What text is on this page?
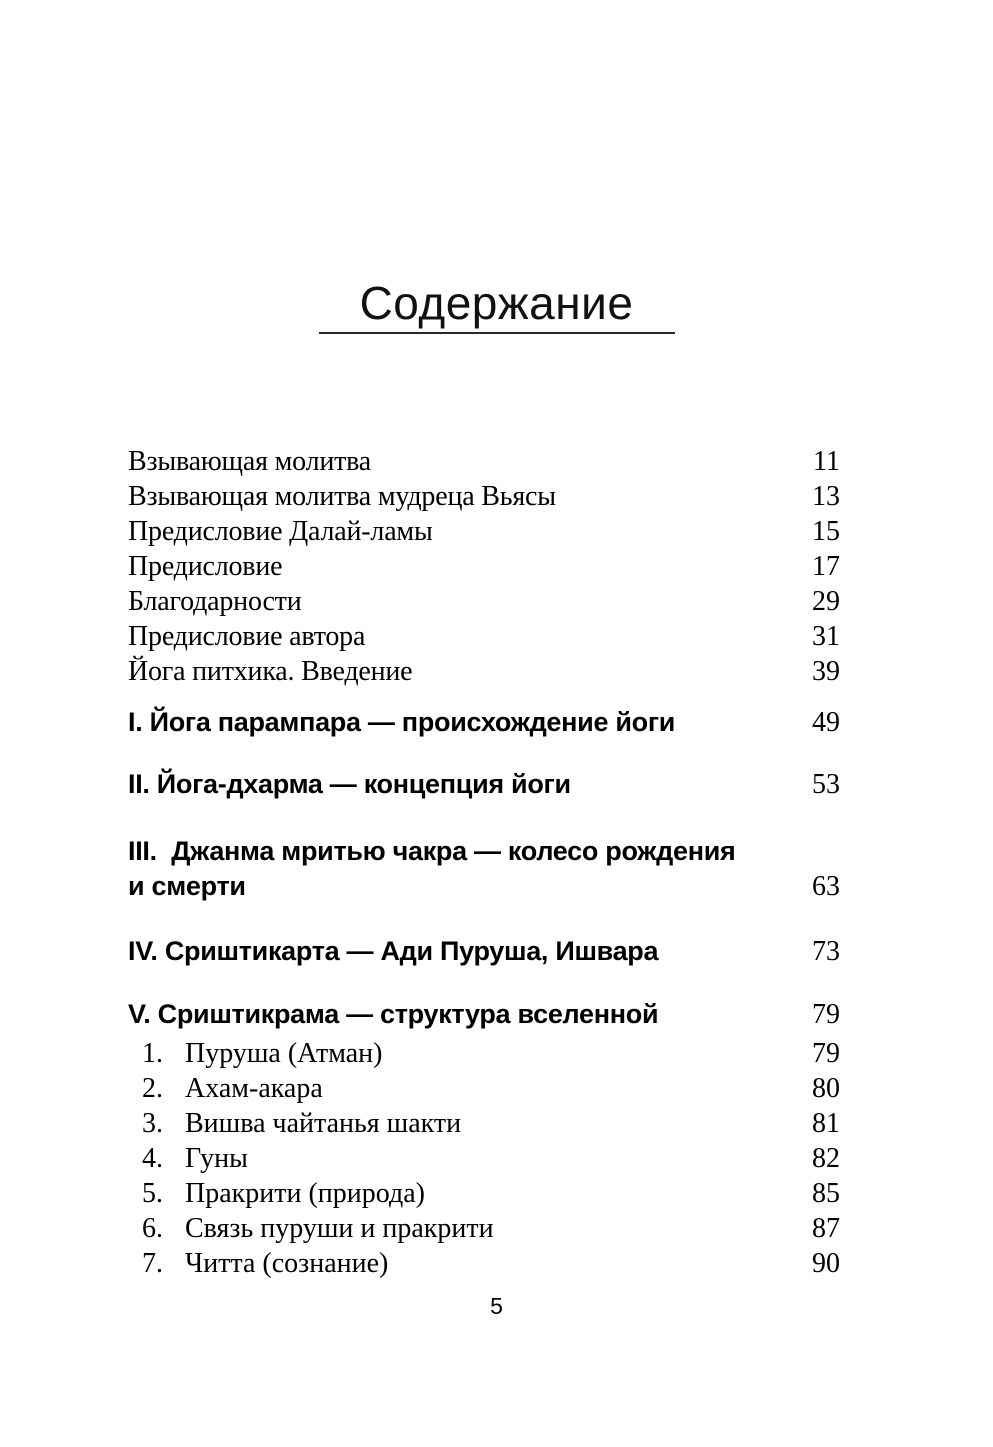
Содержание
Взывающая молитва	11
Взывающая молитва мудреца Вьясы	13
Предисловие Далай-ламы	15
Предисловие	17
Благодарности	29
Предисловие автора	31
Йога питхика. Введение	39
I. Йога парампара — происхождение йоги	49
II. Йога-дхарма — концепция йоги	53
III.  Джанма мритью чакра — колесо рождения
и смерти	63
IV. Сриштикарта — Ади Пуруша, Ишвара	73
V. Сриштикрама — структура вселенной	79
1. Пуруша (Атман)	79
2. Ахам-акара	80
3. Вишва чайтанья шакти	81
4. Гуны	82
5. Пракрити (природа)	85
6. Связь пуруши и пракрити	87
7. Читта (сознание)	90
5
